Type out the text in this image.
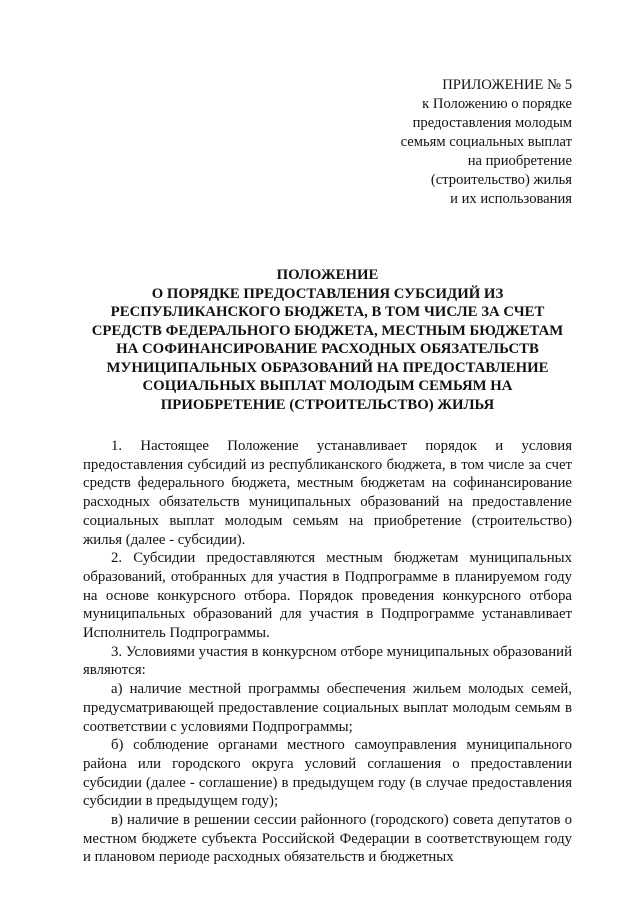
ПРИЛОЖЕНИЕ № 5
к Положению о порядке
предоставления молодым
семьям социальных выплат
на приобретение
(строительство) жилья
и их использования
ПОЛОЖЕНИЕ
О ПОРЯДКЕ ПРЕДОСТАВЛЕНИЯ СУБСИДИЙ ИЗ
РЕСПУБЛИКАНСКОГО БЮДЖЕТА, В ТОМ ЧИСЛЕ ЗА СЧЕТ
СРЕДСТВ ФЕДЕРАЛЬНОГО БЮДЖЕТА, МЕСТНЫМ БЮДЖЕТАМ
НА СОФИНАНСИРОВАНИЕ РАСХОДНЫХ ОБЯЗАТЕЛЬСТВ
МУНИЦИПАЛЬНЫХ ОБРАЗОВАНИЙ НА ПРЕДОСТАВЛЕНИЕ
СОЦИАЛЬНЫХ ВЫПЛАТ МОЛОДЫМ СЕМЬЯМ НА
ПРИОБРЕТЕНИЕ (СТРОИТЕЛЬСТВО) ЖИЛЬЯ

1. Настоящее Положение устанавливает порядок и условия предоставления субсидий из республиканского бюджета, в том числе за счет средств федерального бюджета, местным бюджетам на софинансирование расходных обязательств муниципальных образований на предоставление социальных выплат молодым семьям на приобретение (строительство) жилья (далее - субсидии).

2. Субсидии предоставляются местным бюджетам муниципальных образований, отобранных для участия в Подпрограмме в планируемом году на основе конкурсного отбора. Порядок проведения конкурсного отбора муниципальных образований для участия в Подпрограмме устанавливает Исполнитель Подпрограммы.

3. Условиями участия в конкурсном отборе муниципальных образований являются:

а) наличие местной программы обеспечения жильем молодых семей, предусматривающей предоставление социальных выплат молодым семьям в соответствии с условиями Подпрограммы;

б) соблюдение органами местного самоуправления муниципального района или городского округа условий соглашения о предоставлении субсидии (далее - соглашение) в предыдущем году (в случае предоставления субсидии в предыдущем году);

в) наличие в решении сессии районного (городского) совета депутатов о местном бюджете субъекта Российской Федерации в соответствующем году и плановом периоде расходных обязательств и бюджетных
